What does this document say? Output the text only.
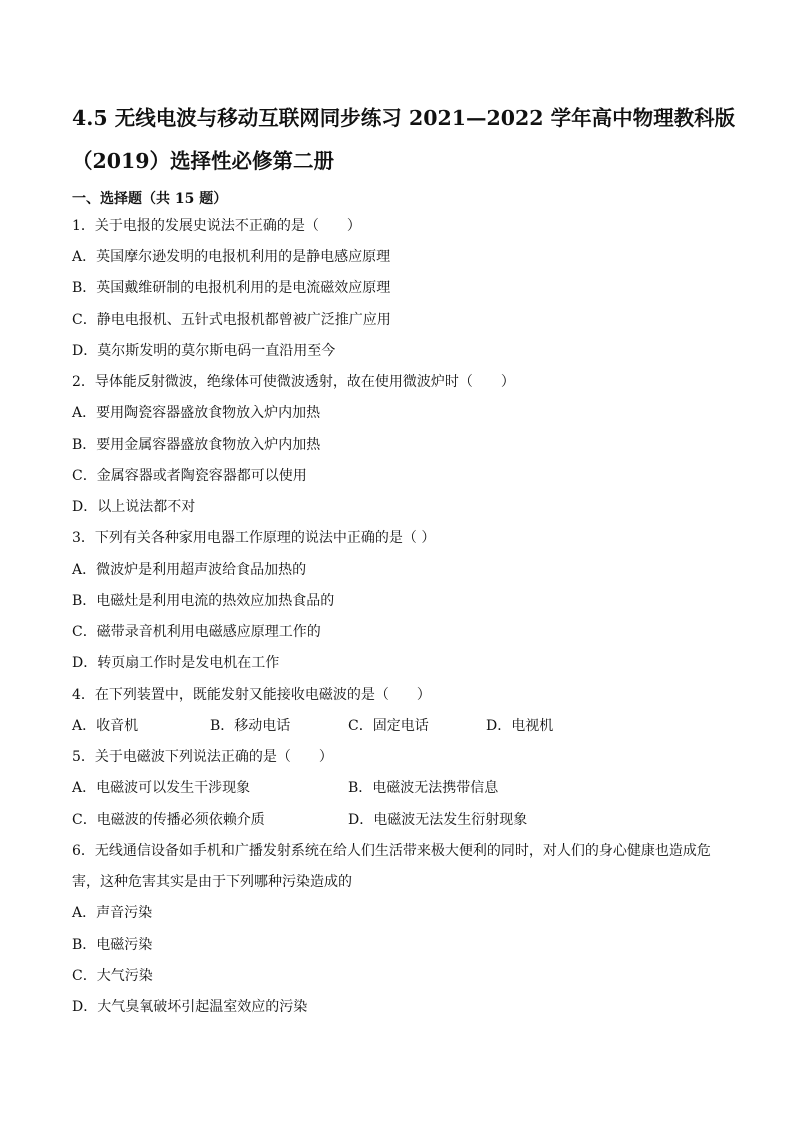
4.5 无线电波与移动互联网同步练习 2021—2022 学年高中物理教科版
（2019）选择性必修第二册
一、选择题（共 15 题）
1．关于电报的发展史说法不正确的是（　　）
A．英国摩尔逊发明的电报机利用的是静电感应原理
B．英国戴维研制的电报机利用的是电流磁效应原理
C．静电电报机、五针式电报机都曾被广泛推广应用
D．莫尔斯发明的莫尔斯电码一直沿用至今
2．导体能反射微波，绝缘体可使微波透射，故在使用微波炉时（　　）
A．要用陶瓷容器盛放食物放入炉内加热
B．要用金属容器盛放食物放入炉内加热
C．金属容器或者陶瓷容器都可以使用
D．以上说法都不对
3．下列有关各种家用电器工作原理的说法中正确的是（ ）
A．微波炉是利用超声波给食品加热的
B．电磁灶是利用电流的热效应加热食品的
C．磁带录音机利用电磁感应原理工作的
D．转页扇工作时是发电机在工作
4．在下列装置中，既能发射又能接收电磁波的是（　　）
A．收音机	B．移动电话	C．固定电话	D．电视机
5．关于电磁波下列说法正确的是（　　）
A．电磁波可以发生干涉现象	B．电磁波无法携带信息
C．电磁波的传播必须依赖介质	D．电磁波无法发生衍射现象
6．无线通信设备如手机和广播发射系统在给人们生活带来极大便利的同时，对人们的身心健康也造成危
害，这种危害其实是由于下列哪种污染造成的
A．声音污染
B．电磁污染
C．大气污染
D．大气臭氧破坏引起温室效应的污染
